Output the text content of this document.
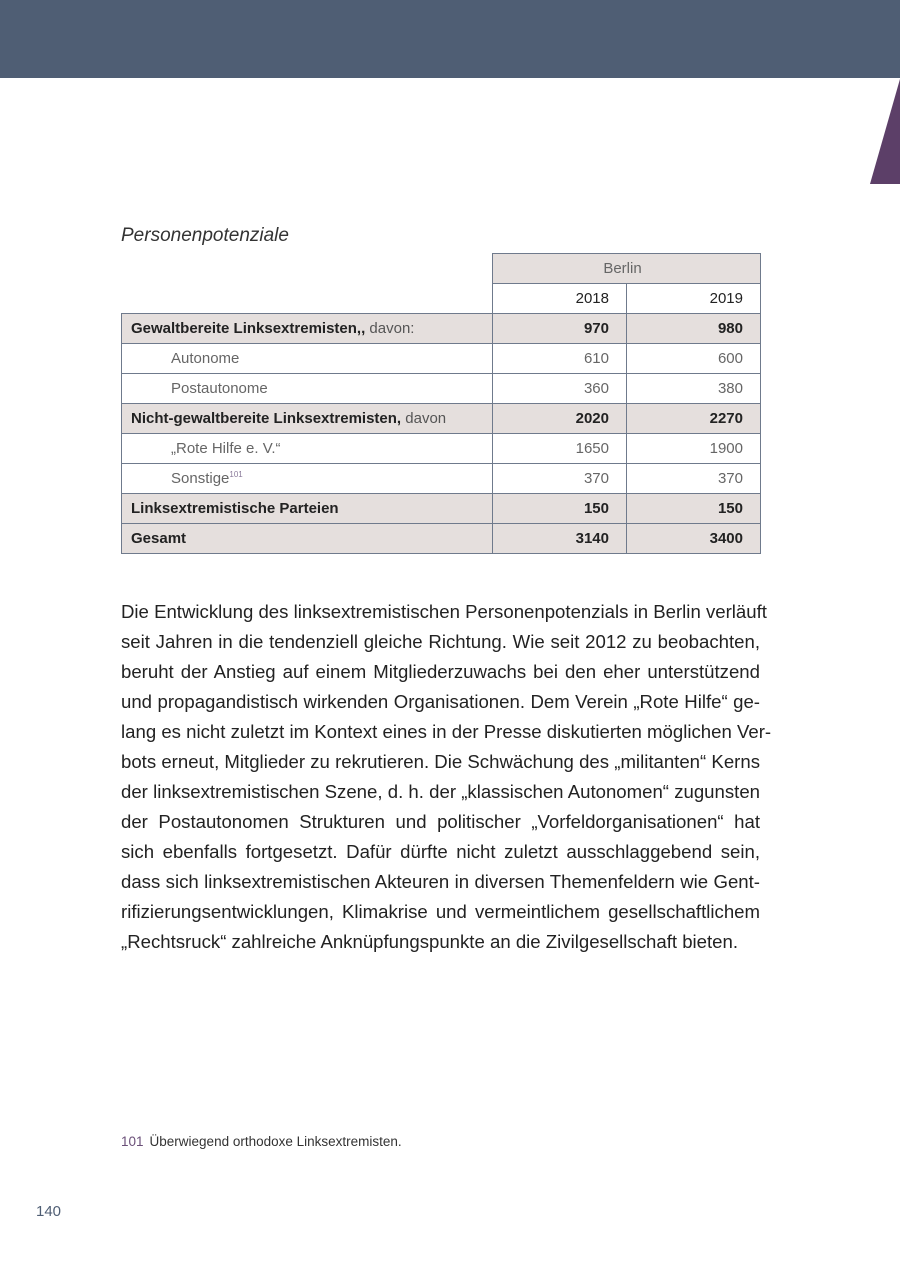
Personenpotenziale
	Berlin	
	2018	2019
Gewaltbereite Linksextremisten,, davon:	970	980
Autonome	610	600
Postautonome	360	380
Nicht-gewaltbereite Linksextremisten, davon	2020	2270
„Rote Hilfe e. V.“	1650	1900
Sonstige$^{101}$	370	370
Linksextremistische Parteien	150	150
Gesamt	3140	3400
Die Entwicklung des linksextremistischen Personenpotenzials in Berlin verläuft
seit Jahren in die tendenziell gleiche Richtung. Wie seit 2012 zu beobachten,
beruht der Anstieg auf einem Mitgliederzuwachs bei den eher unterstützend
und propagandistisch wirkenden Organisationen. Dem Verein „Rote Hilfe“ ge-
lang es nicht zuletzt im Kontext eines in der Presse diskutierten möglichen Ver-
bots erneut, Mitglieder zu rekrutieren. Die Schwächung des „militanten“ Kerns
der linksextremistischen Szene, d. h. der „klassischen Autonomen“ zugunsten
der Postautonomen Strukturen und politischer „Vorfeldorganisationen“ hat
sich ebenfalls fortgesetzt. Dafür dürfte nicht zuletzt ausschlaggebend sein,
dass sich linksextremistischen Akteuren in diversen Themenfeldern wie Gent-
rifizierungsentwicklungen, Klimakrise und vermeintlichem gesellschaftlichem
„Rechtsruck“ zahlreiche Anknüpfungspunkte an die Zivilgesellschaft bieten.
101 Überwiegend orthodoxe Linksextremisten.
140
